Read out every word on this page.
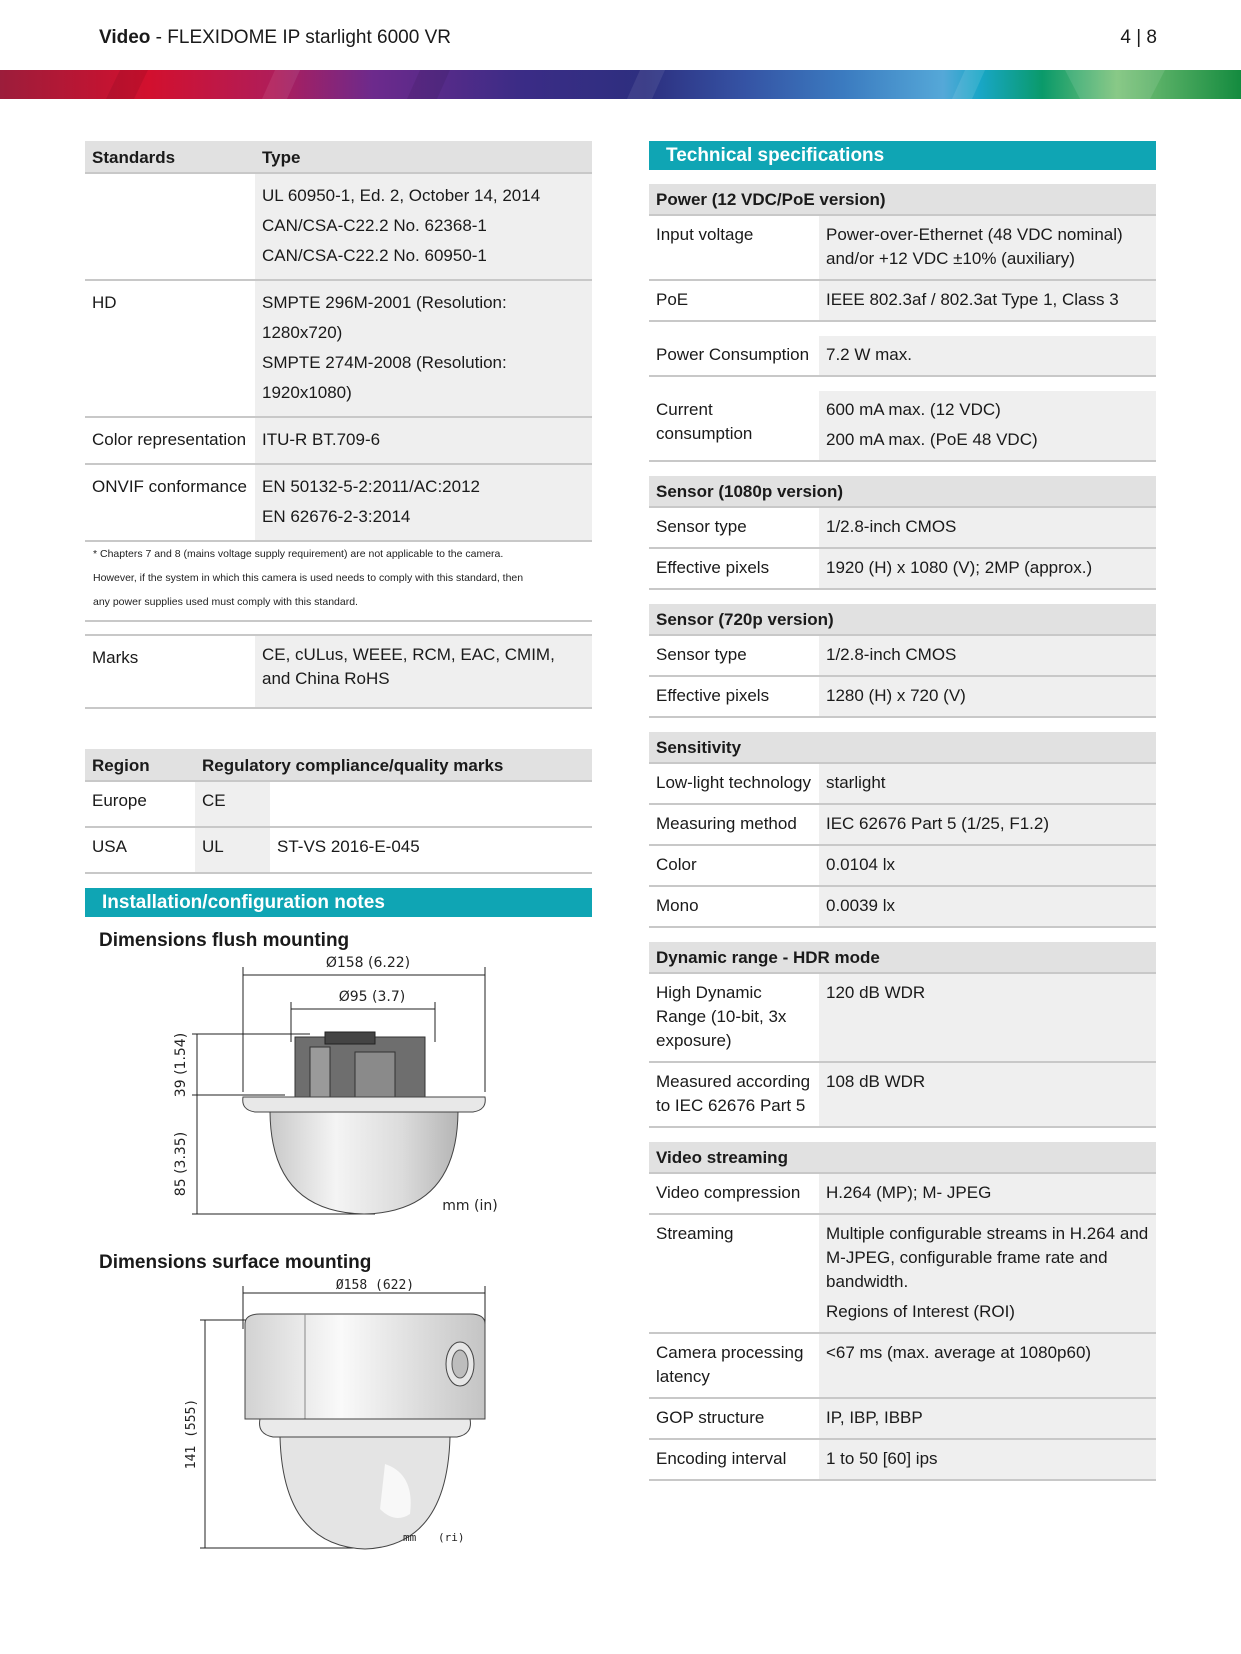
Video - FLEXIDOME IP starlight 6000 VR	4 | 8
Standards	Type

	UL 60950-1, Ed. 2, October 14, 2014
CAN/CSA-C22.2 No. 62368-1
CAN/CSA-C22.2 No. 60950-1

HD	SMPTE 296M-2001 (Resolution: 1280x720)
SMPTE 274M-2008 (Resolution: 1920x1080)

Color representation	ITU-R BT.709-6

ONVIF conformance	EN 50132-5-2:2011/AC:2012
EN 62676-2-3:2014

* Chapters 7 and 8 (mains voltage supply requirement) are not applicable to the camera.
However, if the system in which this camera is used needs to comply with this standard, then
any power supplies used must comply with this standard.	

Marks	CE, cULus, WEEE, RCM, EAC, CMIM, and China RoHS
Region	Regulatory compliance/quality marks	
Europe	CE	
USA	UL	ST-VS 2016-E-045
Installation/configuration notes
Dimensions flush mounting
Ø158 (6.22)
Ø95 (3.7)
39 (1.54)
85 (3.35)
mm (in)
Dimensions surface mounting
Ø158 (622)
141 (555)
mm (ri)
Technical specifications
Power (12 VDC/PoE version)	
Input voltage	Power-over-Ethernet (48 VDC nominal) and/or +12 VDC ±10% (auxiliary)

PoE	IEEE 802.3af / 802.3at Type 1, Class 3

Power Consumption	7.2 W max.

Current consumption	600 mA max. (12 VDC)
200 mA max. (PoE 48 VDC)

Sensor (1080p version)	
Sensor type	1/2.8-inch CMOS

Effective pixels	1920 (H) x 1080 (V); 2MP (approx.)

Sensor (720p version)	
Sensor type	1/2.8-inch CMOS

Effective pixels	1280 (H) x 720 (V)

Sensitivity	
Low-light technology	starlight

Measuring method	IEC 62676 Part 5 (1/25, F1.2)

Color	0.0104 lx

Mono	0.0039 lx

Dynamic range - HDR mode	
High Dynamic Range (10-bit, 3x exposure)	120 dB WDR

Measured according to IEC 62676 Part 5	108 dB WDR

Video streaming	
Video compression	H.264 (MP); M- JPEG

Streaming	Multiple configurable streams in H.264 and M-JPEG, configurable frame rate and bandwidth.
Regions of Interest (ROI)

Camera processing latency	<67 ms (max. average at 1080p60)

GOP structure	IP, IBP, IBBP

Encoding interval	1 to 50 [60] ips
